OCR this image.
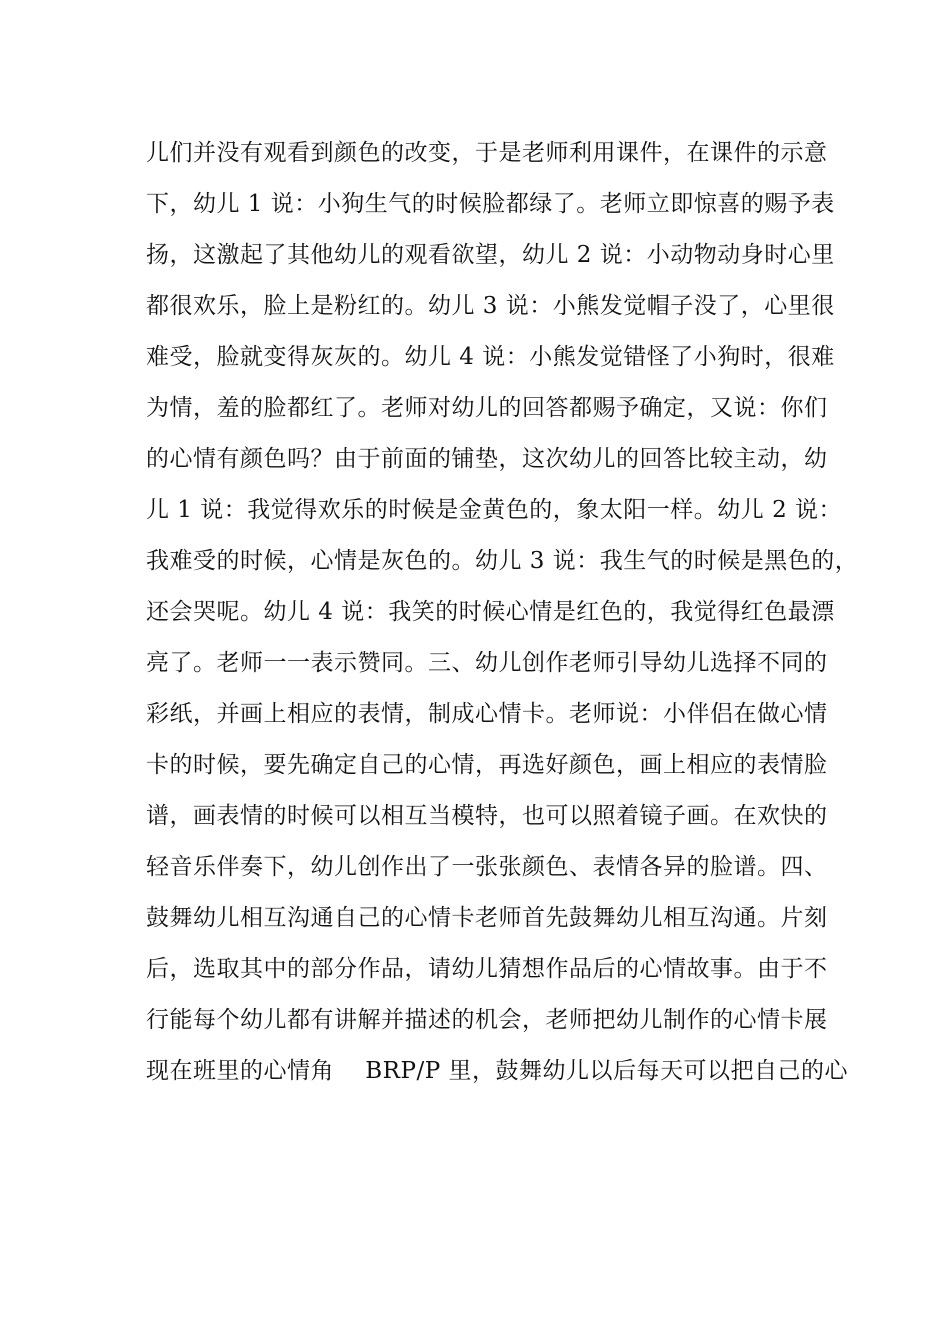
儿们并没有观看到颜色的改变，于是老师利用课件，在课件的示意
下，幼儿 1 说：小狗生气的时候脸都绿了。老师立即惊喜的赐予表
扬，这激起了其他幼儿的观看欲望，幼儿 2 说：小动物动身时心里
都很欢乐，脸上是粉红的。幼儿 3 说：小熊发觉帽子没了，心里很
难受，脸就变得灰灰的。幼儿 4 说：小熊发觉错怪了小狗时，很难
为情，羞的脸都红了。老师对幼儿的回答都赐予确定，又说：你们
的心情有颜色吗？由于前面的铺垫，这次幼儿的回答比较主动，幼
儿 1 说：我觉得欢乐的时候是金黄色的，象太阳一样。幼儿 2 说：
我难受的时候，心情是灰色的。幼儿 3 说：我生气的时候是黑色的，
还会哭呢。幼儿 4 说：我笑的时候心情是红色的，我觉得红色最漂
亮了。老师一一表示赞同。三、幼儿创作老师引导幼儿选择不同的
彩纸，并画上相应的表情，制成心情卡。老师说：小伴侣在做心情
卡的时候，要先确定自己的心情，再选好颜色，画上相应的表情脸
谱，画表情的时候可以相互当模特，也可以照着镜子画。在欢快的
轻音乐伴奏下，幼儿创作出了一张张颜色、表情各异的脸谱。四、
鼓舞幼儿相互沟通自己的心情卡老师首先鼓舞幼儿相互沟通。片刻
后，选取其中的部分作品，请幼儿猜想作品后的心情故事。由于不
行能每个幼儿都有讲解并描述的机会，老师把幼儿制作的心情卡展
现在班里的心情角    BRP/P 里，鼓舞幼儿以后每天可以把自己的心
